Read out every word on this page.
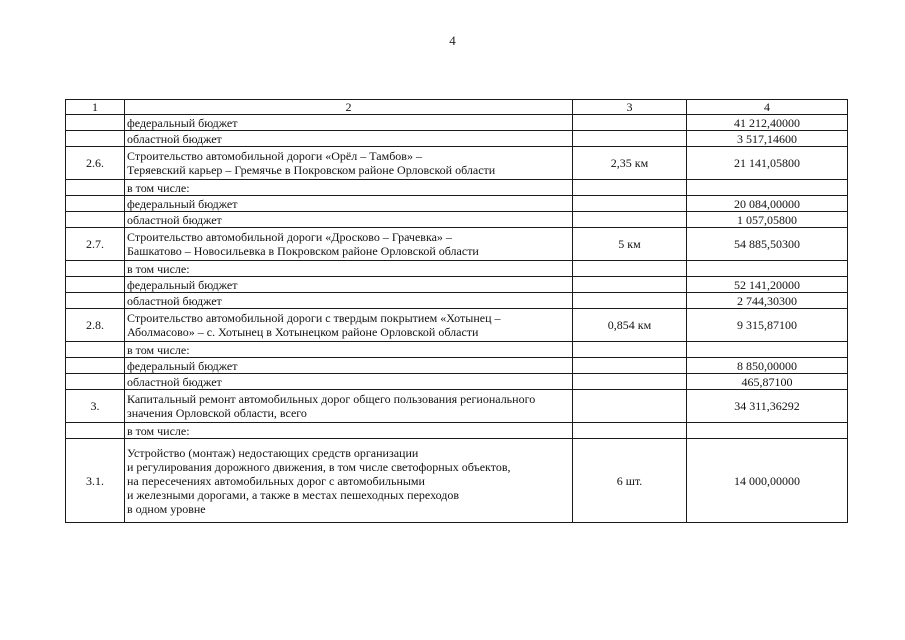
4
1	2	3	4
	федеральный бюджет		41 212,40000
	областной бюджет		3 517,14600
2.6.	Строительство автомобильной дороги «Орёл – Тамбов» –
Теряевский карьер – Гремячье в Покровском районе Орловской области	2,35 км	21 141,05800
	в том числе:		
	федеральный бюджет		20 084,00000
	областной бюджет		1 057,05800
2.7.	Строительство автомобильной дороги «Дросково – Грачевка» –
Башкатово – Новосильевка в Покровском районе Орловской области	5 км	54 885,50300
	в том числе:		
	федеральный бюджет		52 141,20000
	областной бюджет		2 744,30300
2.8.	Строительство автомобильной дороги с твердым покрытием «Хотынец –
Аболмасово» – с. Хотынец в Хотынецком районе Орловской области	0,854 км	9 315,87100
	в том числе:		
	федеральный бюджет		8 850,00000
	областной бюджет		465,87100
3.	Капитальный ремонт автомобильных дорог общего пользования регионального
значения Орловской области, всего		34 311,36292
	в том числе:		
3.1.	Устройство (монтаж) недостающих средств организации
и регулирования дорожного движения, в том числе светофорных объектов,
на пересечениях автомобильных дорог с автомобильными
и железными дорогами, а также в местах пешеходных переходов
в одном уровне	6 шт.	14 000,00000
